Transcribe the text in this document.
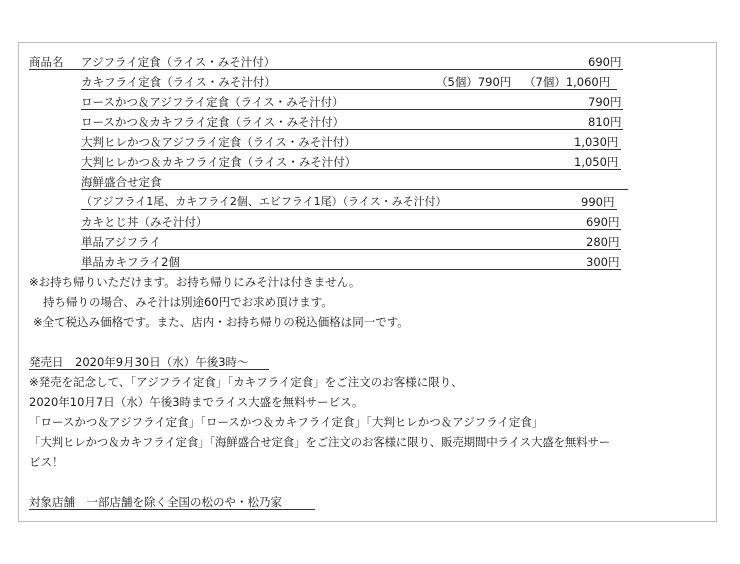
商品名 アジフライ定食（ライス・みそ汁付）	690円
カキフライ定食（ライス・みそ汁付）	（5個）790円 （7個）1,060円
ロースかつ＆アジフライ定食（ライス・みそ汁付）	790円
ロースかつ＆カキフライ定食（ライス・みそ汁付）	810円
大判ヒレかつ＆アジフライ定食（ライス・みそ汁付）	1,030円
大判ヒレかつ＆カキフライ定食（ライス・みそ汁付）	1,050円
海鮮盛合せ定食
（アジフライ1尾、カキフライ2個、エビフライ1尾）（ライス・みそ汁付）	990円
カキとじ丼（みそ汁付）	690円
単品アジフライ	280円
単品カキフライ2個	300円
※お持ち帰りいただけます。お持ち帰りにみそ汁は付きません。
持ち帰りの場合、みそ汁は別途60円でお求め頂けます。
※全て税込み価格です。また、店内・お持ち帰りの税込価格は同一です。
発売日　2020年9月30日（水）午後3時～
※発売を記念して、「アジフライ定食」「カキフライ定食」をご注文のお客様に限り、
2020年10月7日（水）午後3時までライス大盛を無料サービス。
「ロースかつ＆アジフライ定食」「ロースかつ＆カキフライ定食」「大判ヒレかつ＆アジフライ定食」
「大判ヒレかつ＆カキフライ定食」「海鮮盛合せ定食」をご注文のお客様に限り、販売期間中ライス大盛を無料サー
ビス！
対象店舗　一部店舗を除く全国の松のや・松乃家
